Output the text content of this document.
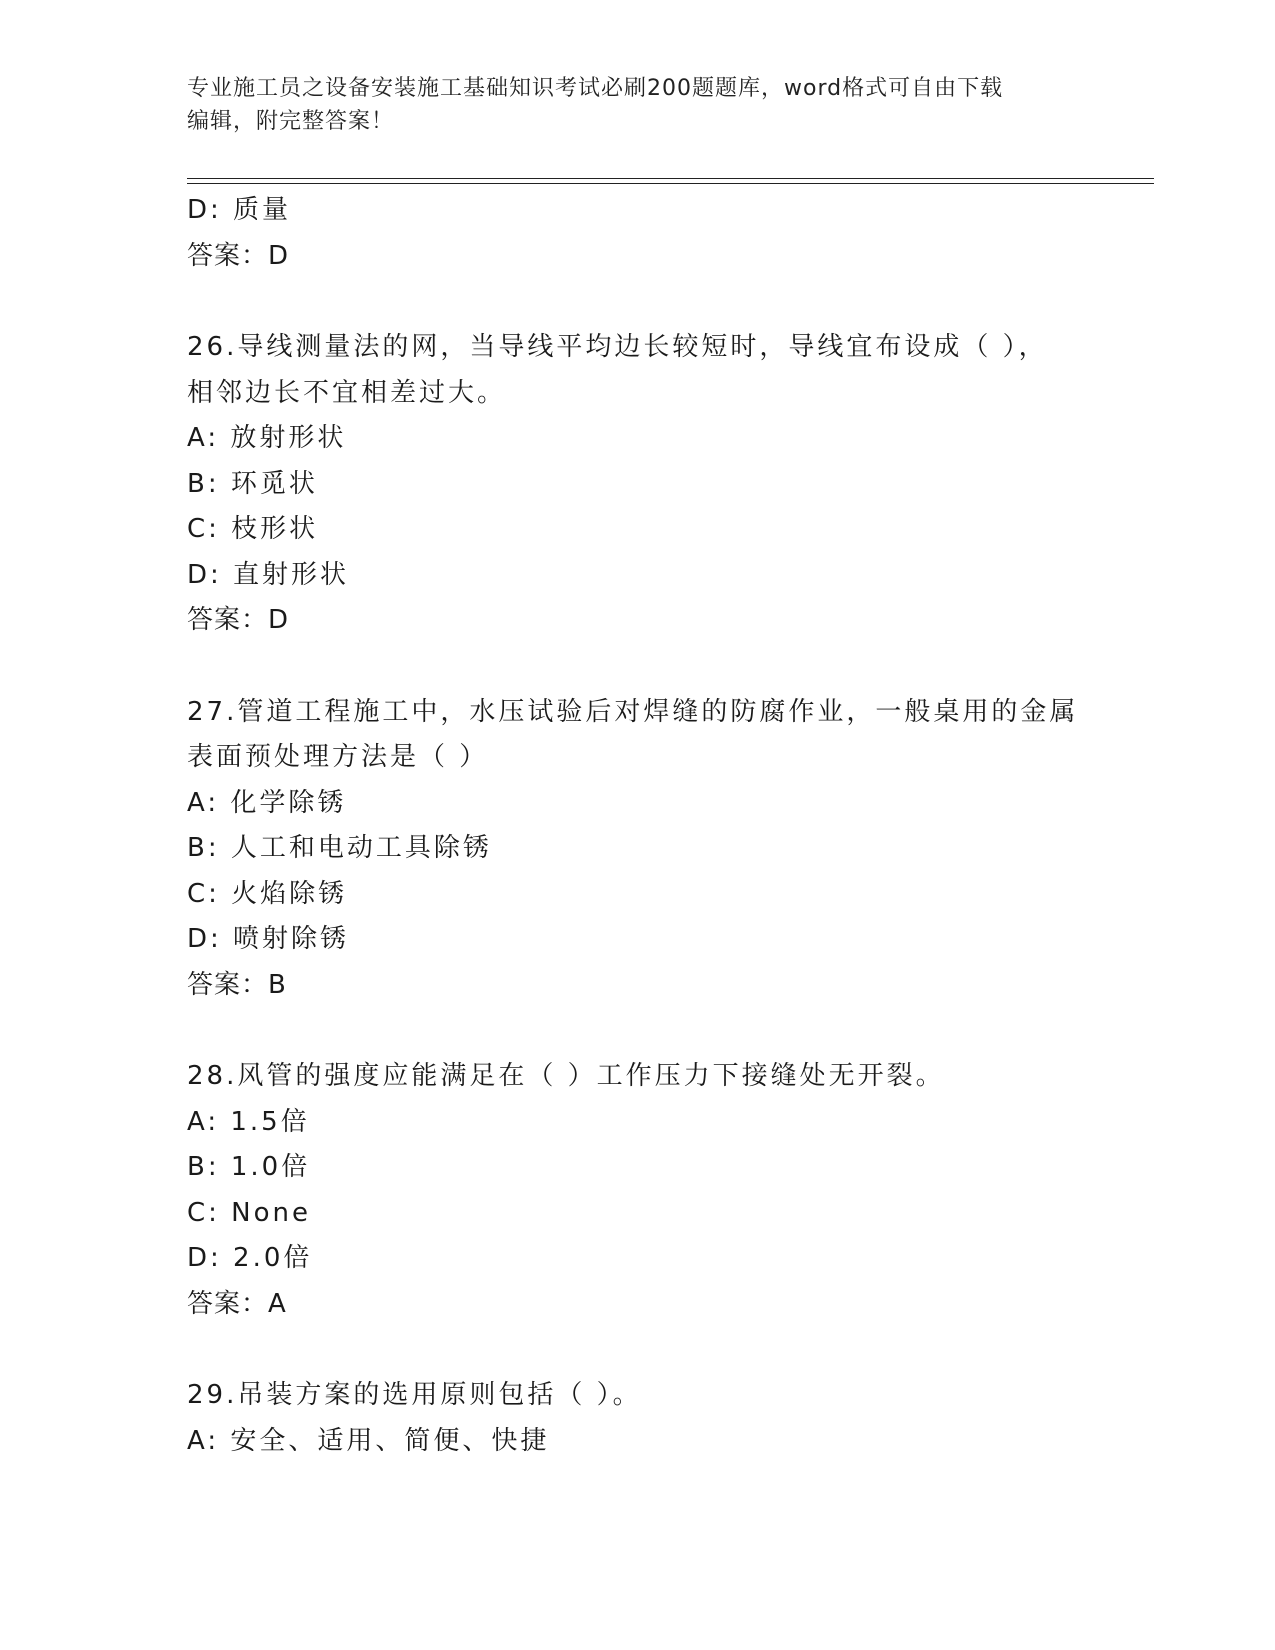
专业施工员之设备安装施工基础知识考试必刷200题题库，word格式可自由下载
编辑，附完整答案！
D: 质量
答案：D
26.导线测量法的网，当导线平均边长较短时，导线宜布设成（ ），
相邻边长不宜相差过大。
A: 放射形状
B: 环觅状
C: 枝形状
D: 直射形状
答案：D
27.管道工程施工中，水压试验后对焊缝的防腐作业，一般桌用的金属
表面预处理方法是（ ）
A: 化学除锈
B: 人工和电动工具除锈
C: 火焰除锈
D: 喷射除锈
答案：B
28.风管的强度应能满足在（ ）工作压力下接缝处无开裂。
A: 1.5倍
B: 1.0倍
C: None
D: 2.0倍
答案：A
29.吊装方案的选用原则包括（ ）。
A: 安全、适用、简便、快捷
